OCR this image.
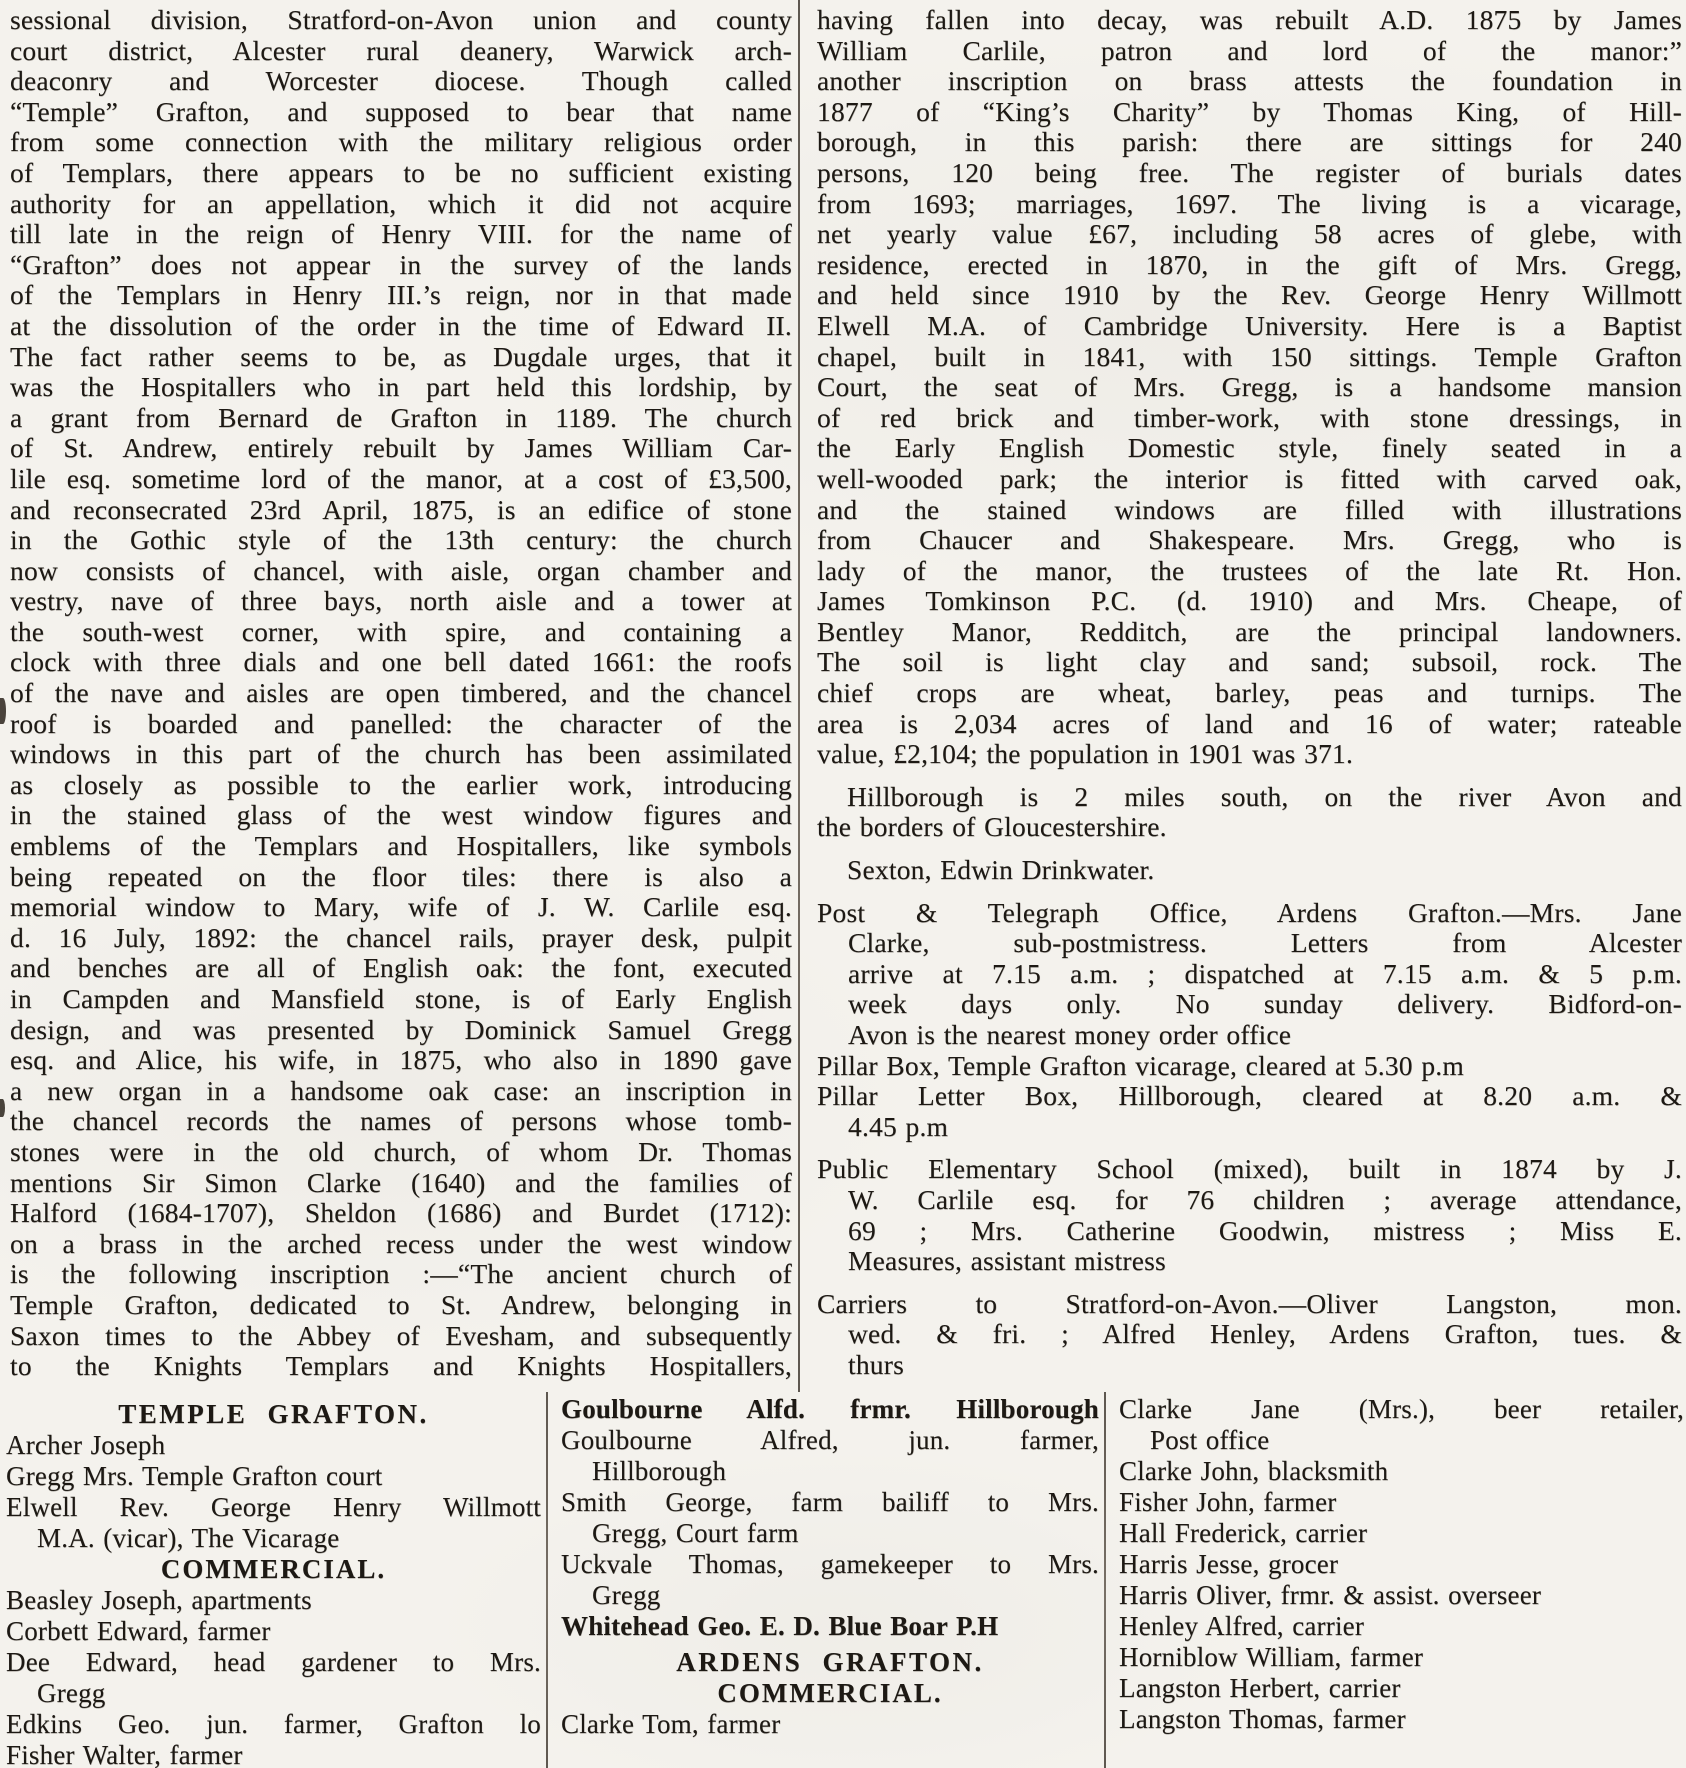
sessional division, Stratford-on-Avon union and county
court district, Alcester rural deanery, Warwick arch-
deaconry and Worcester diocese. Though called
“Temple” Grafton, and supposed to bear that name
from some connection with the military religious order
of Templars, there appears to be no sufficient existing
authority for an appellation, which it did not acquire
till late in the reign of Henry VIII. for the name of
“Grafton” does not appear in the survey of the lands
of the Templars in Henry III.’s reign, nor in that made
at the dissolution of the order in the time of Edward II.
The fact rather seems to be, as Dugdale urges, that it
was the Hospitallers who in part held this lordship, by
a grant from Bernard de Grafton in 1189. The church
of St. Andrew, entirely rebuilt by James William Car-
lile esq. sometime lord of the manor, at a cost of £3,500,
and reconsecrated 23rd April, 1875, is an edifice of stone
in the Gothic style of the 13th century: the church
now consists of chancel, with aisle, organ chamber and
vestry, nave of three bays, north aisle and a tower at
the south-west corner, with spire, and containing a
clock with three dials and one bell dated 1661: the roofs
of the nave and aisles are open timbered, and the chancel
roof is boarded and panelled: the character of the
windows in this part of the church has been assimilated
as closely as possible to the earlier work, introducing
in the stained glass of the west window figures and
emblems of the Templars and Hospitallers, like symbols
being repeated on the floor tiles: there is also a
memorial window to Mary, wife of J. W. Carlile esq.
d. 16 July, 1892: the chancel rails, prayer desk, pulpit
and benches are all of English oak: the font, executed
in Campden and Mansfield stone, is of Early English
design, and was presented by Dominick Samuel Gregg
esq. and Alice, his wife, in 1875, who also in 1890 gave
a new organ in a handsome oak case: an inscription in
the chancel records the names of persons whose tomb-
stones were in the old church, of whom Dr. Thomas
mentions Sir Simon Clarke (1640) and the families of
Halford (1684-1707), Sheldon (1686) and Burdet (1712):
on a brass in the arched recess under the west window
is the following inscription :—“The ancient church of
Temple Grafton, dedicated to St. Andrew, belonging in
Saxon times to the Abbey of Evesham, and subsequently
to the Knights Templars and Knights Hospitallers,
having fallen into decay, was rebuilt A.D. 1875 by James
William Carlile, patron and lord of the manor:”
another inscription on brass attests the foundation in
1877 of “King’s Charity” by Thomas King, of Hill-
borough, in this parish: there are sittings for 240
persons, 120 being free. The register of burials dates
from 1693; marriages, 1697. The living is a vicarage,
net yearly value £67, including 58 acres of glebe, with
residence, erected in 1870, in the gift of Mrs. Gregg,
and held since 1910 by the Rev. George Henry Willmott
Elwell M.A. of Cambridge University. Here is a Baptist
chapel, built in 1841, with 150 sittings. Temple Grafton
Court, the seat of Mrs. Gregg, is a handsome mansion
of red brick and timber-work, with stone dressings, in
the Early English Domestic style, finely seated in a
well-wooded park; the interior is fitted with carved oak,
and the stained windows are filled with illustrations
from Chaucer and Shakespeare. Mrs. Gregg, who is
lady of the manor, the trustees of the late Rt. Hon.
James Tomkinson P.C. (d. 1910) and Mrs. Cheape, of
Bentley Manor, Redditch, are the principal landowners.
The soil is light clay and sand; subsoil, rock. The
chief crops are wheat, barley, peas and turnips. The
area is 2,034 acres of land and 16 of water; rateable
value, £2,104; the population in 1901 was 371.
Hillborough is 2 miles south, on the river Avon and
the borders of Gloucestershire.
Sexton, Edwin Drinkwater.
Post & Telegraph Office, Ardens Grafton.—Mrs. Jane
Clarke, sub-postmistress. Letters from Alcester
arrive at 7.15 a.m. ; dispatched at 7.15 a.m. & 5 p.m.
week days only. No sunday delivery. Bidford-on-
Avon is the nearest money order office
Pillar Box, Temple Grafton vicarage, cleared at 5.30 p.m
Pillar Letter Box, Hillborough, cleared at 8.20 a.m. &
4.45 p.m
Public Elementary School (mixed), built in 1874 by J.
W. Carlile esq. for 76 children ; average attendance,
69 ; Mrs. Catherine Goodwin, mistress ; Miss E.
Measures, assistant mistress
Carriers to Stratford-on-Avon.—Oliver Langston, mon.
wed. & fri. ; Alfred Henley, Ardens Grafton, tues. &
thurs
TEMPLE GRAFTON.
Archer Joseph
Gregg Mrs. Temple Grafton court
Elwell Rev. George Henry Willmott
M.A. (vicar), The Vicarage
COMMERCIAL.
Beasley Joseph, apartments
Corbett Edward, farmer
Dee Edward, head gardener to Mrs.
Gregg
Edkins Geo. jun. farmer, Grafton lo
Fisher Walter, farmer
Goulbourne Alfd. frmr. Hillborough
Goulbourne Alfred, jun. farmer,
Hillborough
Smith George, farm bailiff to Mrs.
Gregg, Court farm
Uckvale Thomas, gamekeeper to Mrs.
Gregg
Whitehead Geo. E. D. Blue Boar P.H
ARDENS GRAFTON.
COMMERCIAL.
Clarke Tom, farmer
Clarke Jane (Mrs.), beer retailer,
Post office
Clarke John, blacksmith
Fisher John, farmer
Hall Frederick, carrier
Harris Jesse, grocer
Harris Oliver, frmr. & assist. overseer
Henley Alfred, carrier
Horniblow William, farmer
Langston Herbert, carrier
Langston Thomas, farmer
